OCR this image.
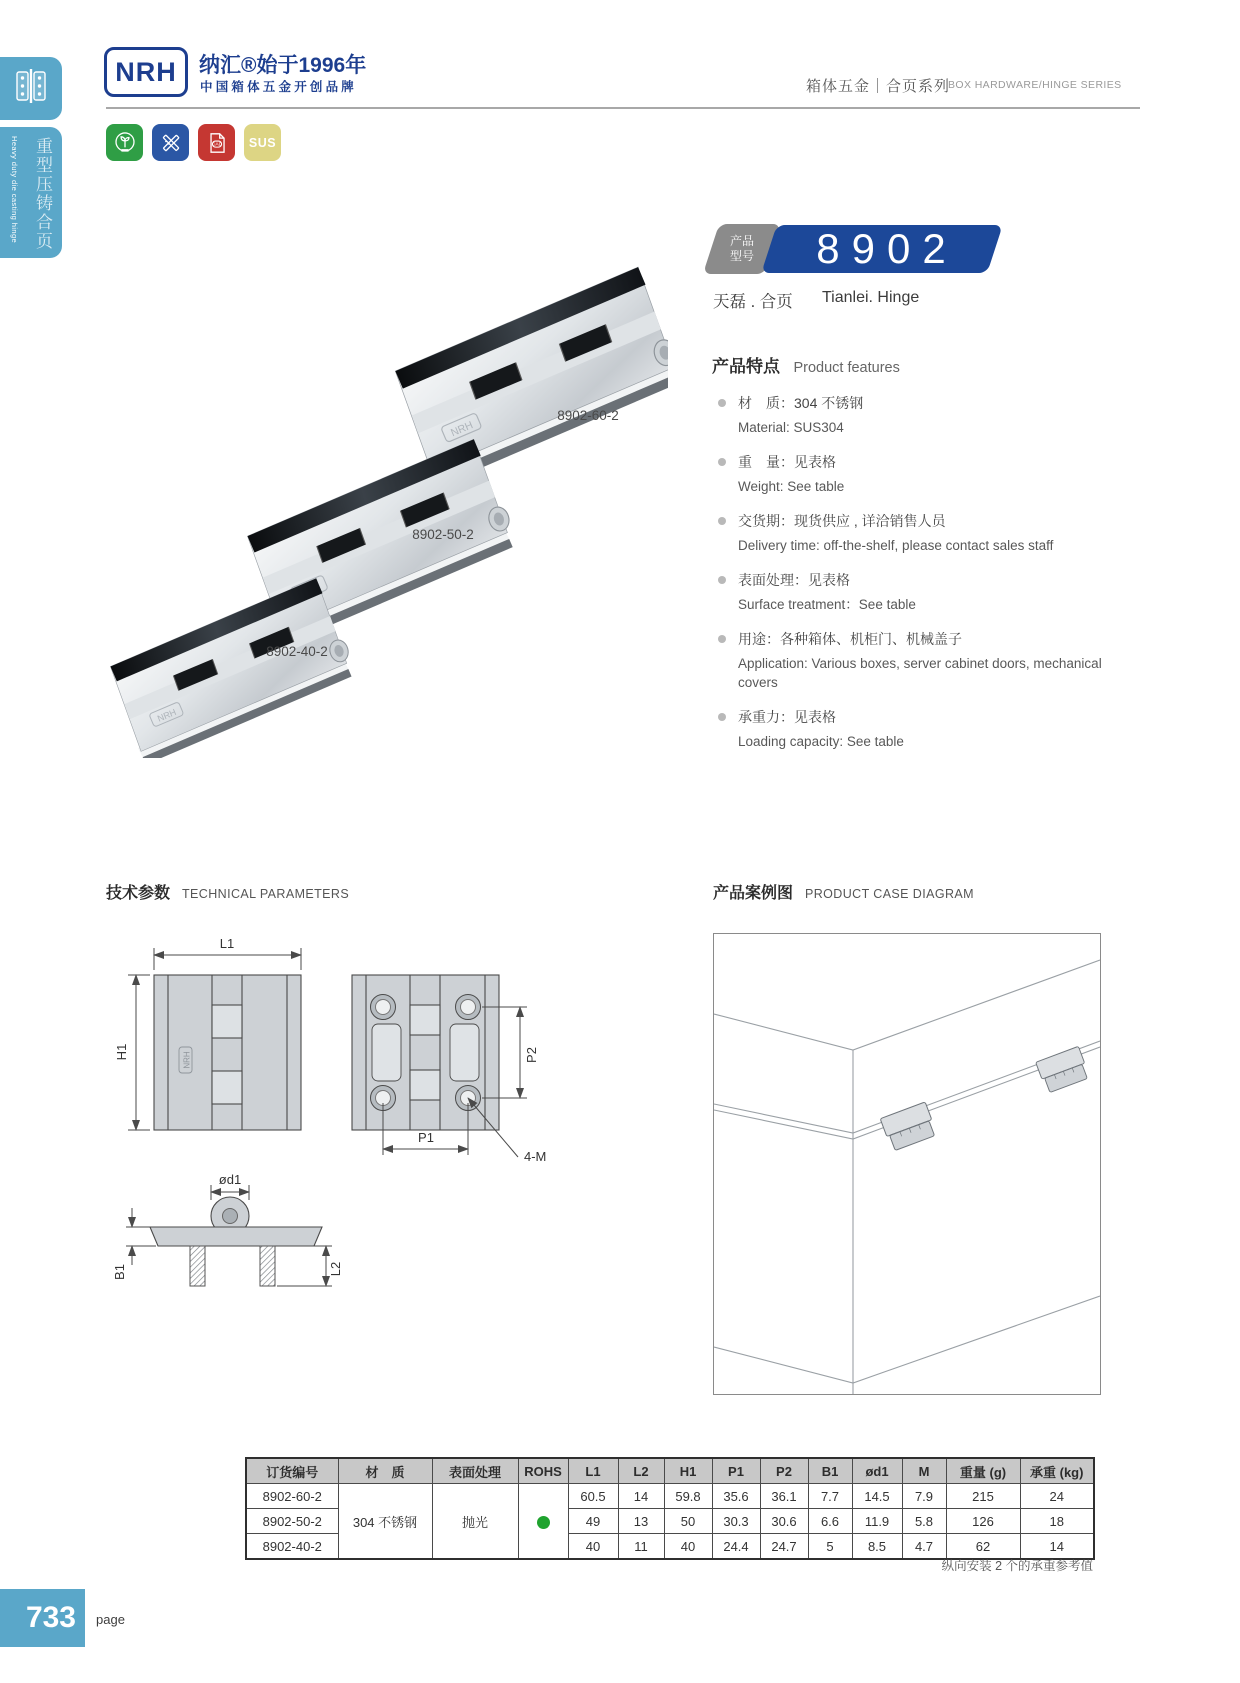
Heavy duty die casting hinge 重型压铸合页
NRH	纳汇®始于1996年
中国箱体五金开创品牌	箱体五金｜合页系列
BOX HARDWARE/HINGE SERIES
CAD SUS
产品
型号	8902
天磊 . 合页 Tianlei. Hinge
NRH
8902-60-2
8902-50-2
8902-40-2
产品特点 Product features
材　质：304 不锈钢
Material: SUS304
重　量：见表格
Weight: See table
交货期：现货供应 , 详洽销售人员
Delivery time: off-the-shelf, please contact sales staff
表面处理：见表格
Surface treatment：See table
用途：各种箱体、机柜门、机械盖子
Application: Various boxes, server cabinet doors, mechanical covers
承重力：见表格
Loading capacity: See table
技术参数 TECHNICAL PARAMETERS
NRH
L1
H1	P2
P1
4-M
ød1
B1	L2
产品案例图 PRODUCT CASE DIAGRAM
订货编号	材　质	表面处理	ROHS	L1	L2	H1	P1	P2	B1	ød1	M	重量 (g)	承重 (kg)
8902-60-2	304 不锈钢	抛光		60.5	14	59.8	35.6	36.1	7.7	14.5	7.9	215	24
8902-50-2				49	13	50	30.3	30.6	6.6	11.9	5.8	126	18
8902-40-2				40	11	40	24.4	24.7	5	8.5	4.7	62	14
纵向安装 2 个的承重参考值
733 page
